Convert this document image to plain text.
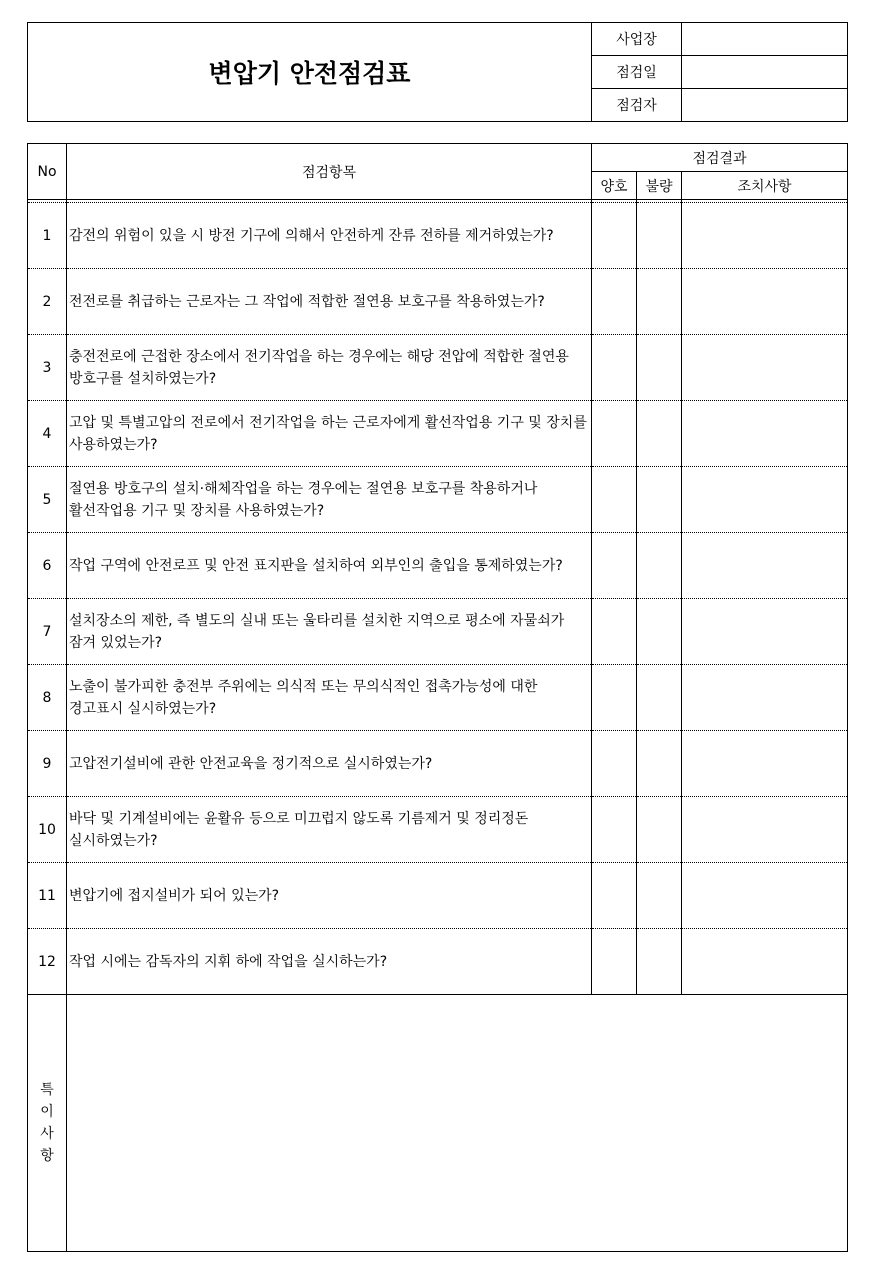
변압기 안전점검표	사업장	
	점검일	
	점검자	
No	점검항목	점검결과		
		양호	불량	조치사항

1	감전의 위험이 있을 시 방전 기구에 의해서 안전하게 잔류 전하를 제거하였는가?			
2	전전로를 취급하는 근로자는 그 작업에 적합한 절연용 보호구를 착용하였는가?			
3	충전전로에 근접한 장소에서 전기작업을 하는 경우에는 해당 전압에 적합한 절연용 방호구를 설치하였는가?			
4	고압 및 특별고압의 전로에서 전기작업을 하는 근로자에게 활선작업용 기구 및 장치를 사용하였는가?			
5	절연용 방호구의 설치·해체작업을 하는 경우에는 절연용 보호구를 착용하거나 활선작업용 기구 및 장치를 사용하였는가?			
6	작업 구역에 안전로프 및 안전 표지판을 설치하여 외부인의 출입을 통제하였는가?			
7	설치장소의 제한, 즉 별도의 실내 또는 울타리를 설치한 지역으로 평소에 자물쇠가 잠겨 있었는가?			
8	노출이 불가피한 충전부 주위에는 의식적 또는 무의식적인 접촉가능성에 대한 경고표시 실시하였는가?			
9	고압전기설비에 관한 안전교육을 정기적으로 실시하였는가?			
10	바닥 및 기계설비에는 윤활유 등으로 미끄럽지 않도록 기름제거 및 정리정돈 실시하였는가?			
11	변압기에 접지설비가 되어 있는가?			
12	작업 시에는 감독자의 지휘 하에 작업을 실시하는가?			

특
이
사
항				
